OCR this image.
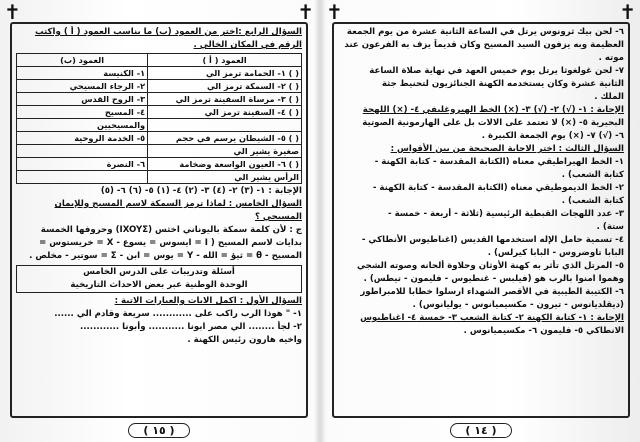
✝	✝
السؤال الرابع :اختر من العمود (ب) ما يناسب العمود ( أ ) واكتب
الرقم في المكان الخالي .
العمود ( أ )	العمود (ب)
( ) ١- الحمامة ترمز الي	١- الكنيسة
( ) ٢- السمكة ترمز الي	٢- الرجاء المسيحي
( ) ٣- مرساة السفينة ترمز الي	٣- الروح القدس
( ) ٤- السفينة ترمز الي	٤- المسيح
	والمسيحيين
( ) ٥- الشيطان يرسم في حجم	٥- الخدمة الروحية
صغيرة يشير الي	
( ) ٦- العيون الواسعة وضخامة	٦- النصرة
الرأس يشير الي	
الإجابة : ١- (٣) ٢- (٤) ٣- (٢) ٤- (١) ٥- (٦) ٦- (٥)
السؤال الخامس : لماذا ترمز السمكة لاسم المسيح وللإيمان
المسيحي ؟
ج : لأن كلمة سمكة باليوناني اخثس (IXOYΣ) وحروفها الخمسة
بدايات لاسم المسيح ( I = ايسوس = يسوع - X = خريستوس =
المسيح - θ = ثيؤ = الله - Y = يوس = ابن - Σ = سوتير - مخلص .
أسئلة وتدريبات على الدرس الخامس
الوحدة الوطنية عبر بعض الاحداث التاريخية
السؤال الأول : اكمل الايات والعبارات الاتية :
١- " هوذا الرب راكب على ............ سريعة وقادم الي ......
٢- لجأ ........ الي مصر ابونا ........... وأبونا ............
واخيه هارون رئيس الكهنة .
( ١٥ )
✝	✝
٦- لحن بيك ثرونوس يرتل في الساعة الثانية عشرة من يوم الجمعة
العظيمة وبه يزفون السيد المسيح وكان قديماً يزف به الفرعون عند
موته .
٧- لحن غولغوثا يرتل يوم خميس العهد في نهاية صلاة الساعة
الثانية عشرة وكان يستخدمه الكهنة الجنائزيون لتحنيط جثة
الملك .
الإجابة : ١- (√) ٢- (√) ٣- (×) الخط الهيروغليفي ٤- (×) اللهجة
البحيرية ٥- (×) لا تعتمد على الالات بل على الهارمونية الصوتية
٦- (√) ٧- (×) يوم الجمعة الكبيرة .
السؤال الثالث : اختر الاجابة الصحيحة من بين الأقواس :
١- الخط الهيراطيقي معناه (الكتابة المقدسة - كتابة الكهنة -
كتابة الشعب) .
٢- الخط الديموطيقي معناه (الكتابة المقدسة - كتابة الكهنة -
كتابة الشعب) .
٣- عدد اللهجات القبطية الرئيسية (ثلاثة - أربعة - خمسة -
ستة) .
٤- تسمية حامل الإله استخدمها القديس (اغناطيوس الأنطاكي -
البابا تاوضروس - البابا كيرلس) .
٥- المرتل الذي تأثر به كهنة الأوثان وحلاوة ألحانه وصوته الشجي
وهموا امنوا بالرب هو (فيلبس - غنطيوس - فليمون - تيطس) .
٦- الكتيبة الطيبية في الأقصر الشهداء ارسلوا خطابا للامبراطور
(ديقلديانوس - تيرون - مكسيميانوس - يوليانوس) .
الإجابة : ١- كتابة الكهنة ٢- كتابة الشعب ٣- خمسة ٤- اغناطيوس
الانطاكي ٥- فليمون ٦- مكسيميانوس .
( ١٤ )
